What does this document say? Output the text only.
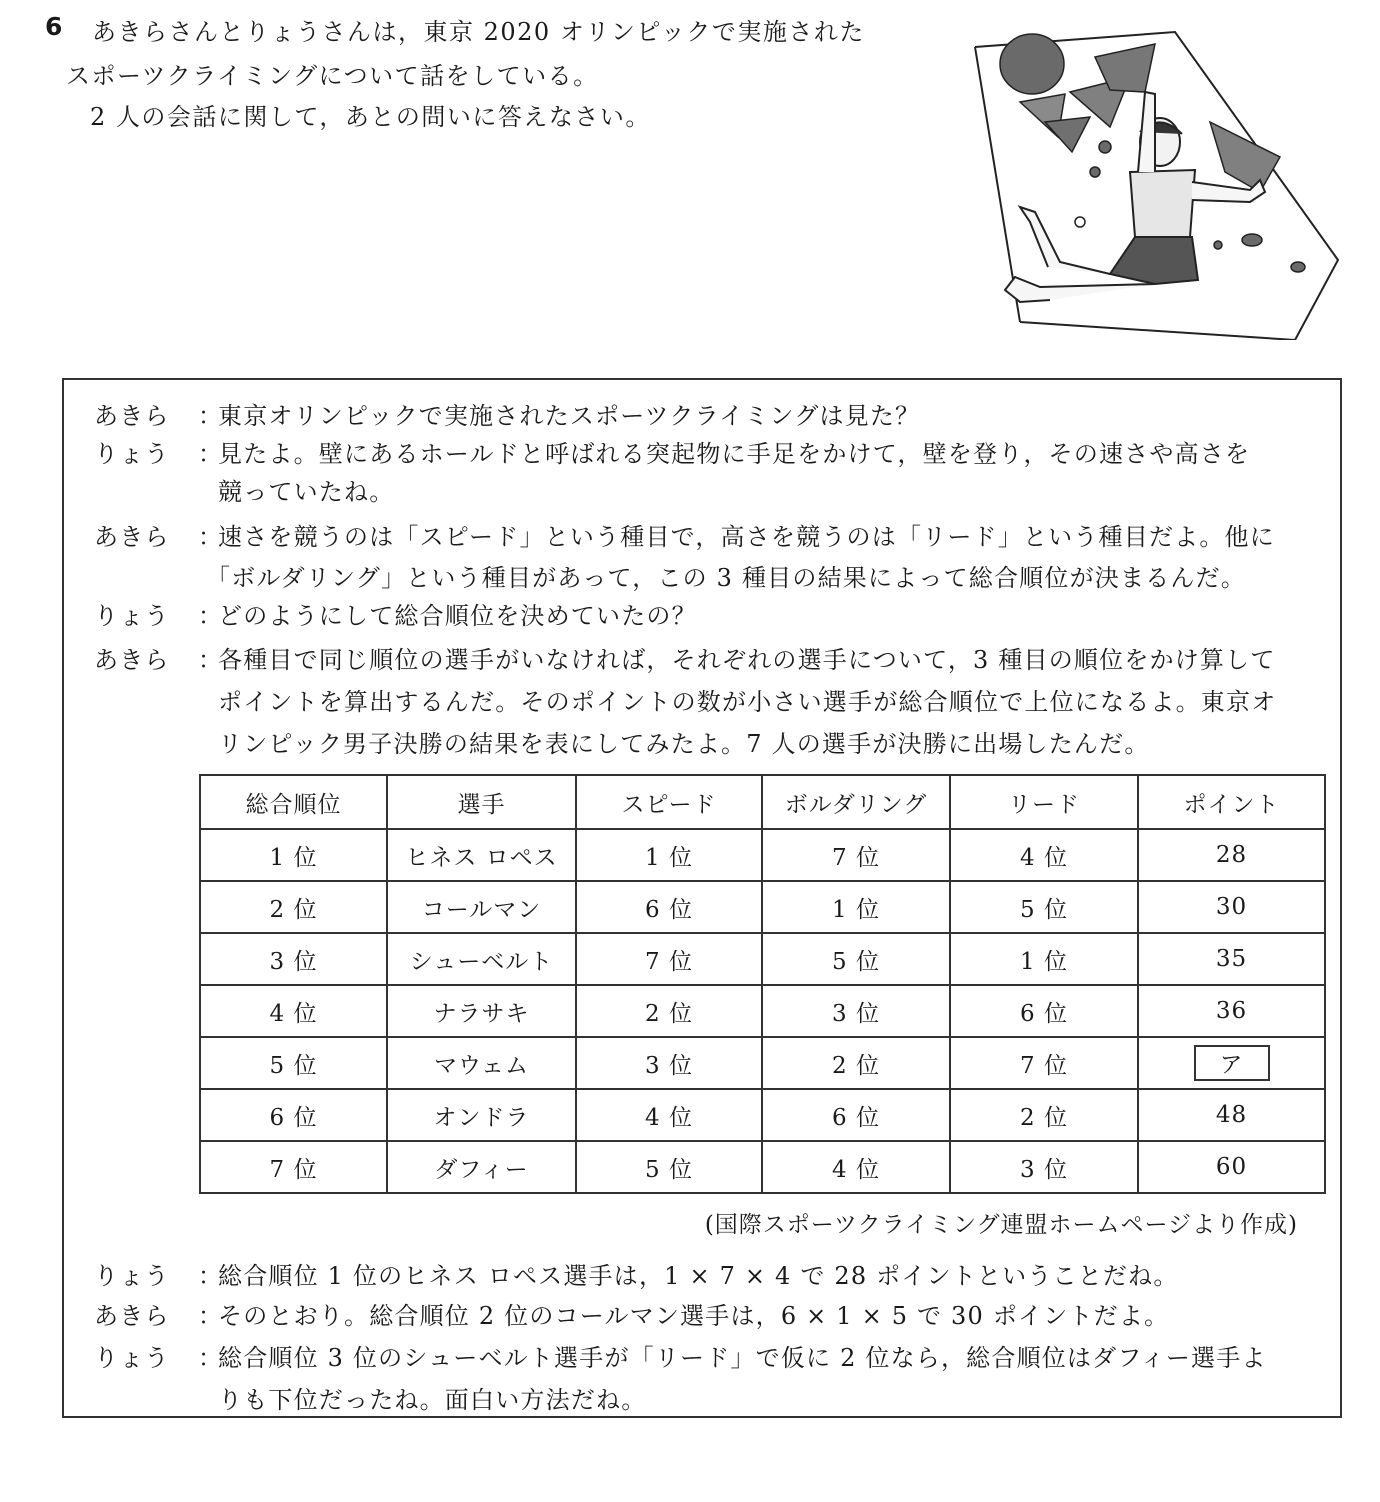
6 あきらさんとりょうさんは，東京 2020 オリンピックで実施された
スポーツクライミングについて話をしている。
2 人の会話に関して，あとの問いに答えなさい。
あきら ：東京オリンピックで実施されたスポーツクライミングは見た？
りょう ：見たよ。壁にあるホールドと呼ばれる突起物に手足をかけて，壁を登り，その速さや高さを
競っていたね。
あきら ：速さを競うのは「スピード」という種目で，高さを競うのは「リード」という種目だよ。他に
「ボルダリング」という種目があって，この 3 種目の結果によって総合順位が決まるんだ。
りょう ：どのようにして総合順位を決めていたの？
あきら ：各種目で同じ順位の選手がいなければ，それぞれの選手について，3 種目の順位をかけ算して
ポイントを算出するんだ。そのポイントの数が小さい選手が総合順位で上位になるよ。東京オ
リンピック男子決勝の結果を表にしてみたよ。7 人の選手が決勝に出場したんだ。
総合順位	選手	スピード	ボルダリング	リード	ポイント
1 位	ヒネス ロペス	1 位	7 位	4 位	28
2 位	コールマン	6 位	1 位	5 位	30
3 位	シューベルト	7 位	5 位	1 位	35
4 位	ナラサキ	2 位	3 位	6 位	36
5 位	マウェム	3 位	2 位	7 位	ア
6 位	オンドラ	4 位	6 位	2 位	48
7 位	ダフィー	5 位	4 位	3 位	60
(国際スポーツクライミング連盟ホームページより作成)
りょう ：総合順位 1 位のヒネス ロペス選手は，1 × 7 × 4 で 28 ポイントということだね。
あきら ：そのとおり。総合順位 2 位のコールマン選手は，6 × 1 × 5 で 30 ポイントだよ。
りょう ：総合順位 3 位のシューベルト選手が「リード」で仮に 2 位なら，総合順位はダフィー選手よ
りも下位だったね。面白い方法だね。
